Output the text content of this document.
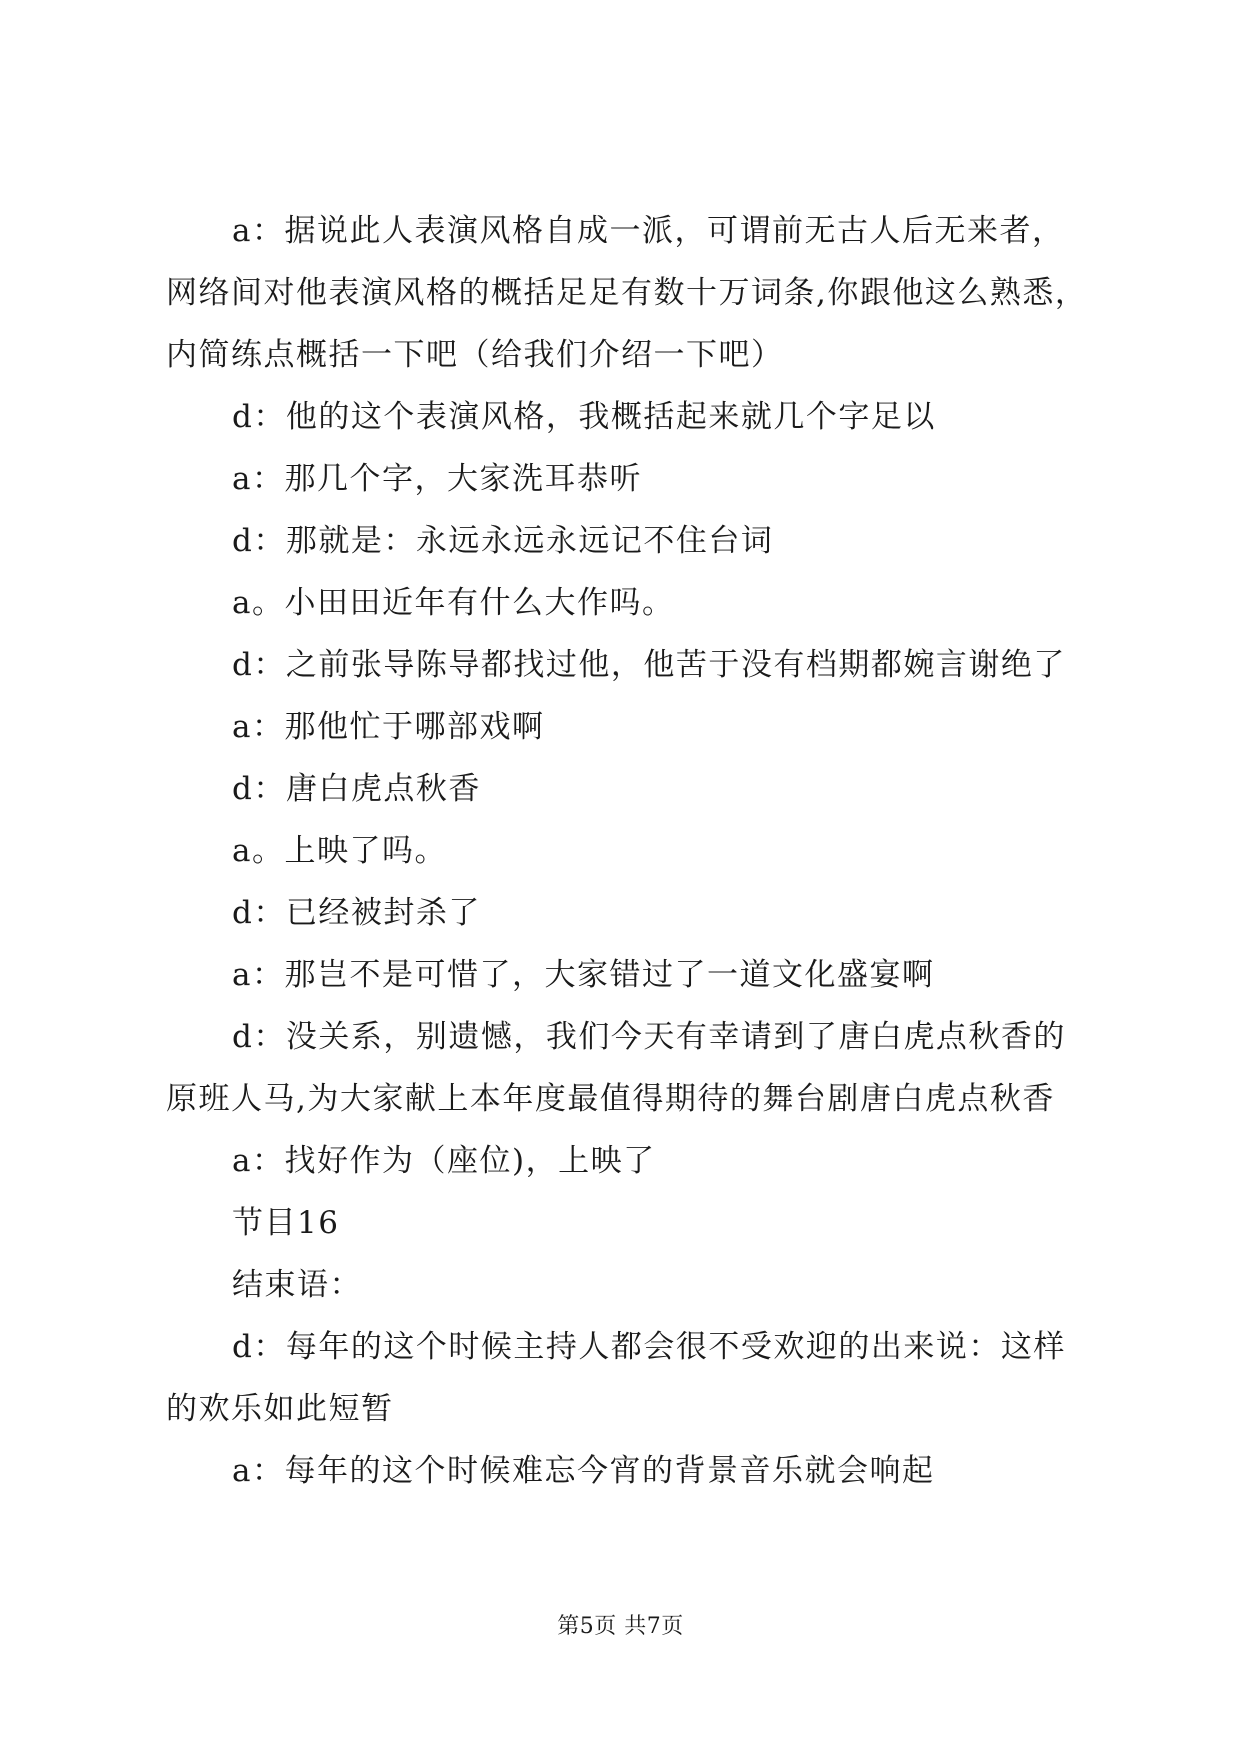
a：据说此人表演风格自成一派，可谓前无古人后无来者，

网络间对他表演风格的概括足足有数十万词条,你跟他这么熟悉，

内简练点概括一下吧（给我们介绍一下吧）

d：他的这个表演风格，我概括起来就几个字足以

a：那几个字，大家洗耳恭听

d：那就是：永远永远永远记不住台词

a。小田田近年有什么大作吗。

d：之前张导陈导都找过他，他苦于没有档期都婉言谢绝了

a：那他忙于哪部戏啊

d：唐白虎点秋香

a。上映了吗。

d：已经被封杀了

a：那岂不是可惜了，大家错过了一道文化盛宴啊

d：没关系，别遗憾，我们今天有幸请到了唐白虎点秋香的

原班人马,为大家献上本年度最值得期待的舞台剧唐白虎点秋香

a：找好作为（座位)，上映了

节目16

结束语：

d：每年的这个时候主持人都会很不受欢迎的出来说：这样

的欢乐如此短暂

a：每年的这个时候难忘今宵的背景音乐就会响起

第5页 共7页
